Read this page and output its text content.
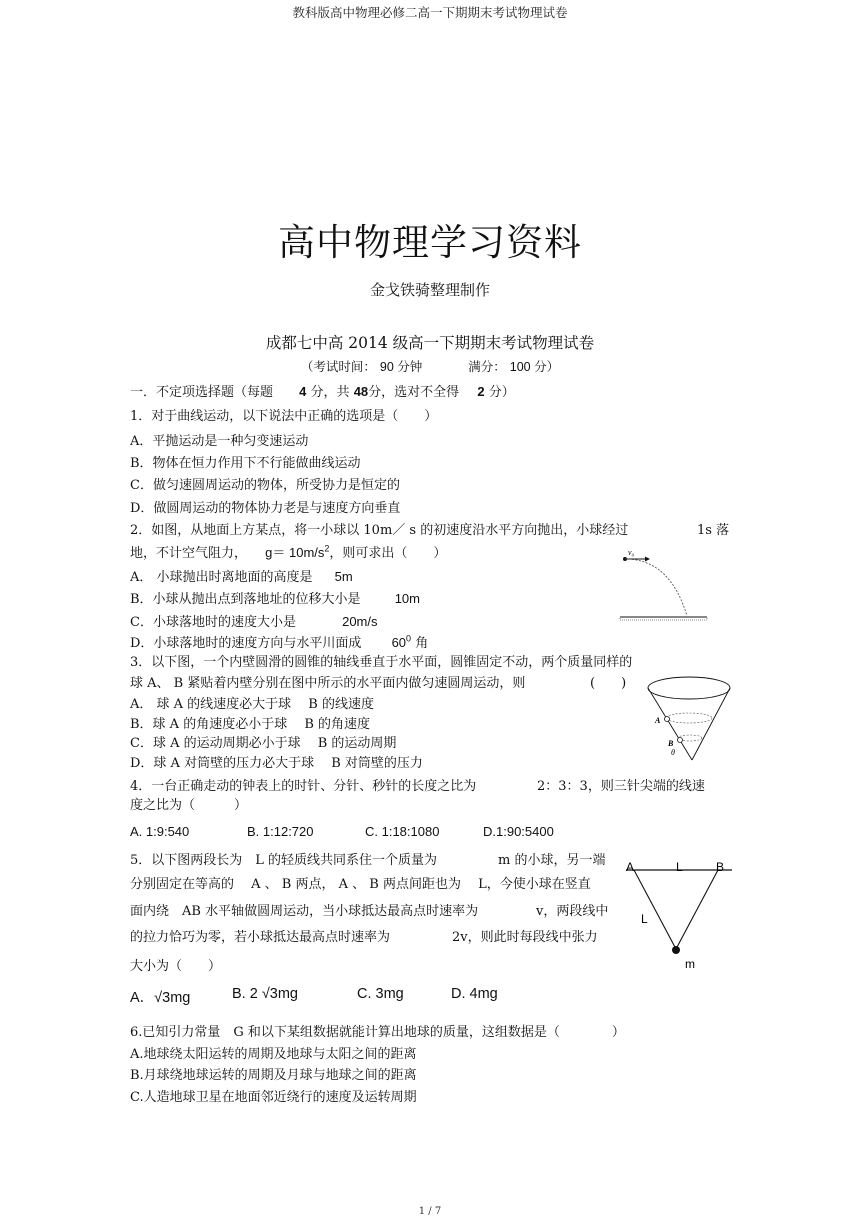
教科版高中物理必修二高一下期期末考试物理试卷
高中物理学习资料
金戈铁骑整理制作
成都七中高 2014 级高一下期期末考试物理试卷
（考试时间： 90 分钟	满分： 100 分）
一．不定项选择题（每题 4 分，共 48分，选对不全得 2 分）
1．对于曲线运动，以下说法中正确的选项是（　　）
A．平抛运动是一种匀变速运动
B．物体在恒力作用下不行能做曲线运动
C．做匀速圆周运动的物体，所受协力是恒定的
D．做圆周运动的物体协力老是与速度方向垂直
2．如图，从地面上方某点，将一小球以 10m／ s 的初速度沿水平方向抛出，小球经过	1s 落
地，不计空气阻力， $g= 10m/s^2$，则可求出（　　）
A． 小球抛出时离地面的高度是 5m
B．小球从抛出点到落地址的位移大小是	10m
C．小球落地时的速度大小是	20m/s
D．小球落地时的速度方向与水平川面成 $60^0$ 角
v₀
3．以下图，一个内壁圆滑的圆锥的轴线垂直于水平面，圆锥固定不动，两个质量同样的
球 A、 B 紧贴着内壁分别在图中所示的水平面内做匀速圆周运动，则	(　　)
A． 球 A 的线速度必大于球　 B 的线速度
B．球 A 的角速度必小于球　 B 的角速度
C．球 A 的运动周期必小于球　 B 的运动周期
D．球 A 对筒壁的压力必大于球　 B 对筒壁的压力
A
B
θ
4．一台正确走动的钟表上的时针、分针、秒针的长度之比为	2：3：3，则三针尖端的线速
度之比为（　　　）
A. 1:9:540	B. 1:12:720	C. 1:18:1080	D.1:90:5400
5．以下图两段长为　L 的轻质线共同系住一个质量为	m 的小球，另一端
分别固定在等高的　 A 、 B 两点， A 、 B 两点间距也为　 L，今使小球在竖直
面内绕　AB 水平轴做圆周运动，当小球抵达最高点时速率为	v，两段线中
的拉力恰巧为零，若小球抵达最高点时速率为	2v，则此时每段线中张力
大小为（　　）
A．√3mg	B. 2 √3mg	C. 3mg	D. 4mg
A	L	B
L
m
6.已知引力常量　G 和以下某组数据就能计算出地球的质量，这组数据是（　　　　）
A.地球绕太阳运转的周期及地球与太阳之间的距离
B.月球绕地球运转的周期及月球与地球之间的距离
C.人造地球卫星在地面邻近绕行的速度及运转周期
1 / 7
